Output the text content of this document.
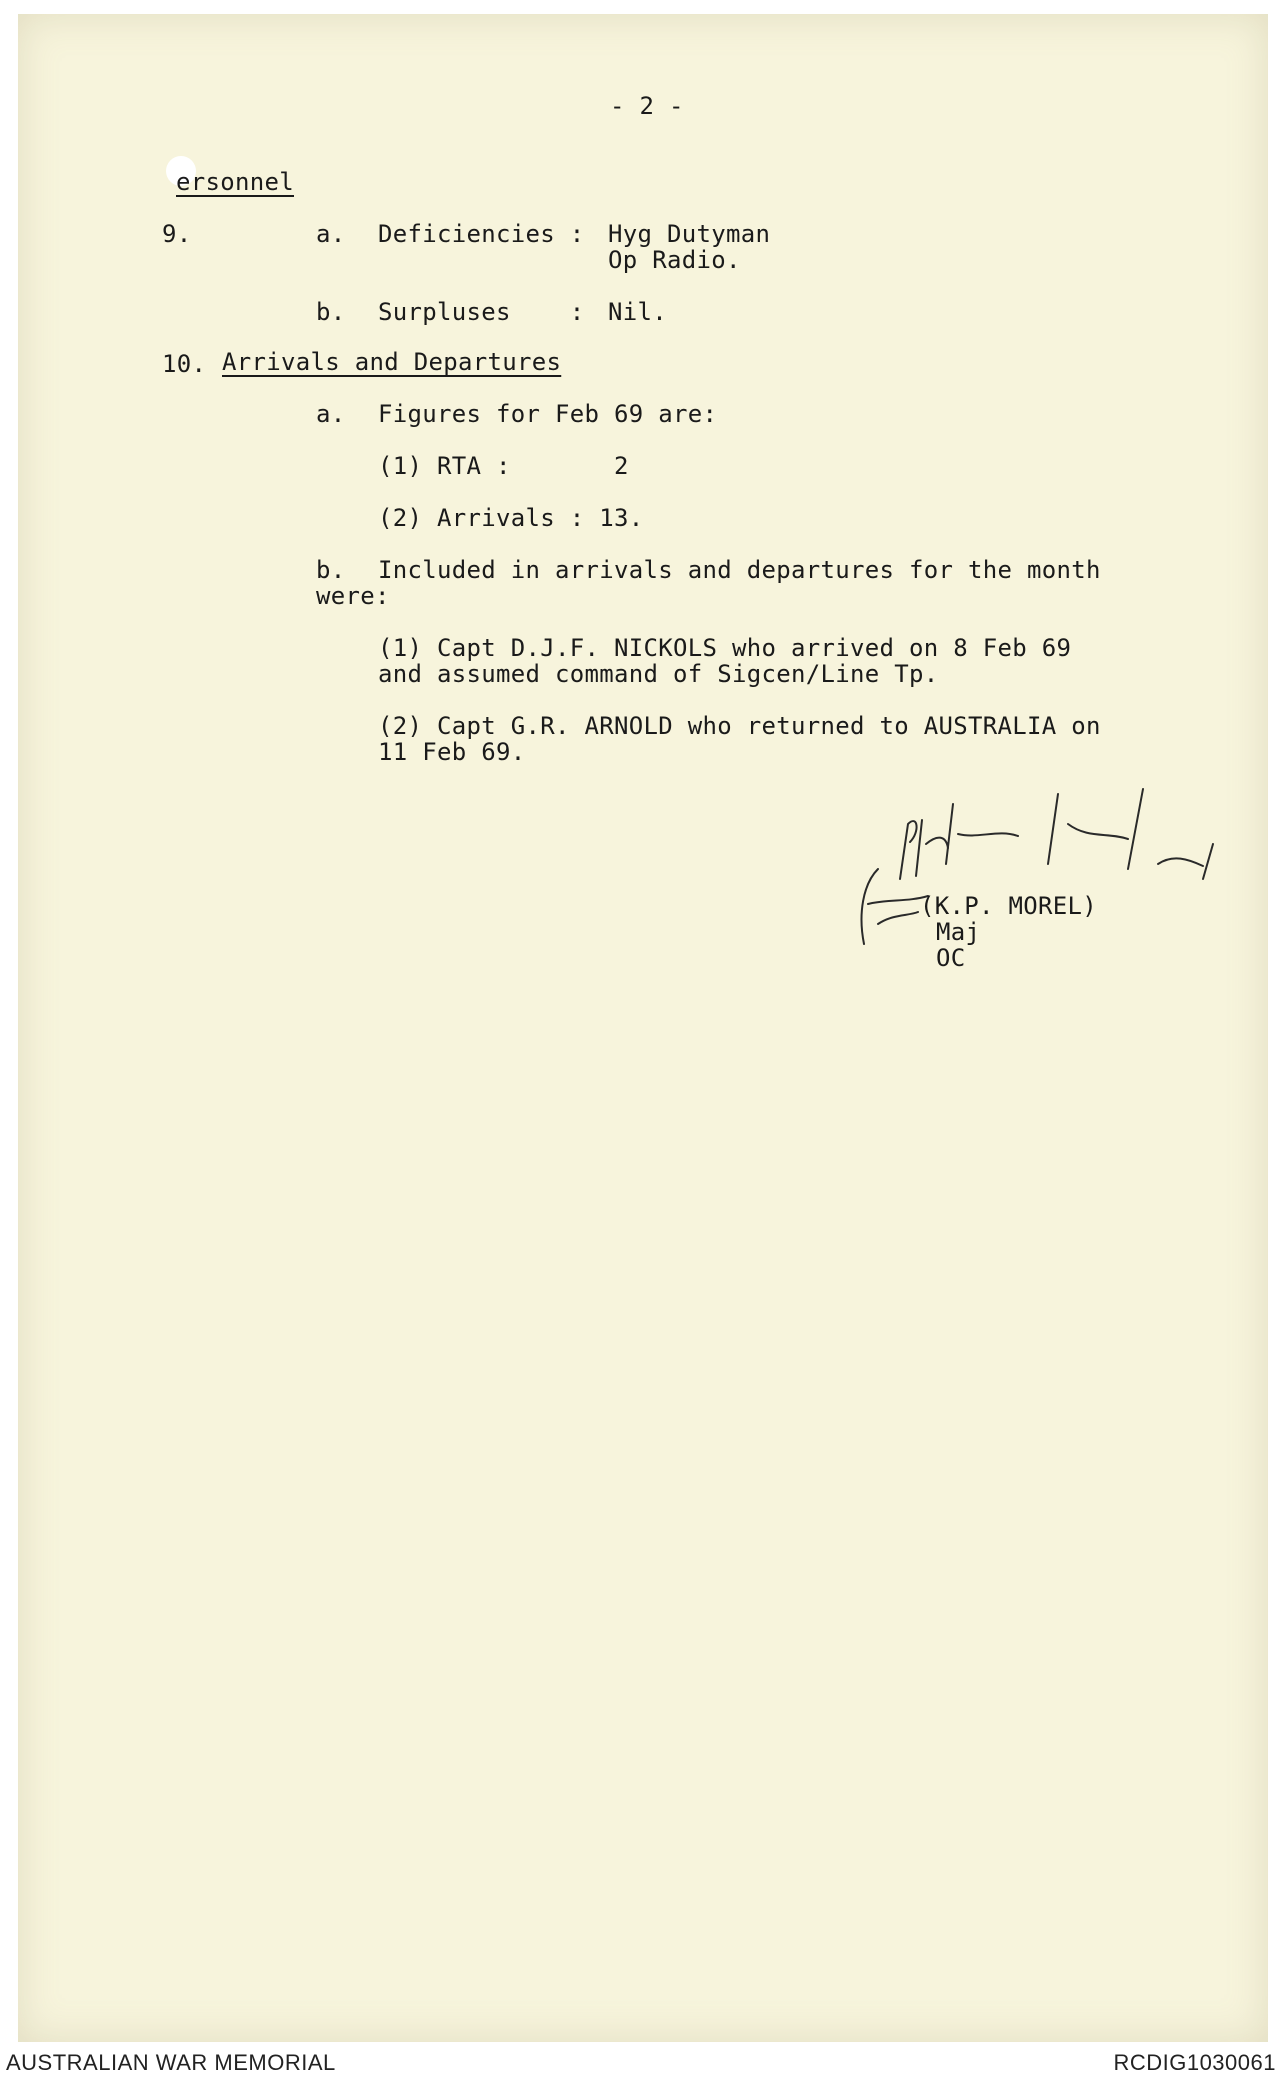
- 2 -
ersonnel
9.	a. Deficiencies : Hyg Dutyman
Op Radio.
b. Surpluses    : Nil.
10. Arrivals and Departures
a. Figures for Feb 69 are:
(1) RTA :       2
(2) Arrivals : 13.
b. Included in arrivals and departures for the month
were:
(1) Capt D.J.F. NICKOLS who arrived on 8 Feb 69
and assumed command of Sigcen/Line Tp.
(2) Capt G.R. ARNOLD who returned to AUSTRALIA on
11 Feb 69.
(K.P. MOREL)
Maj
OC
AUSTRALIAN WAR MEMORIAL	RCDIG1030061
